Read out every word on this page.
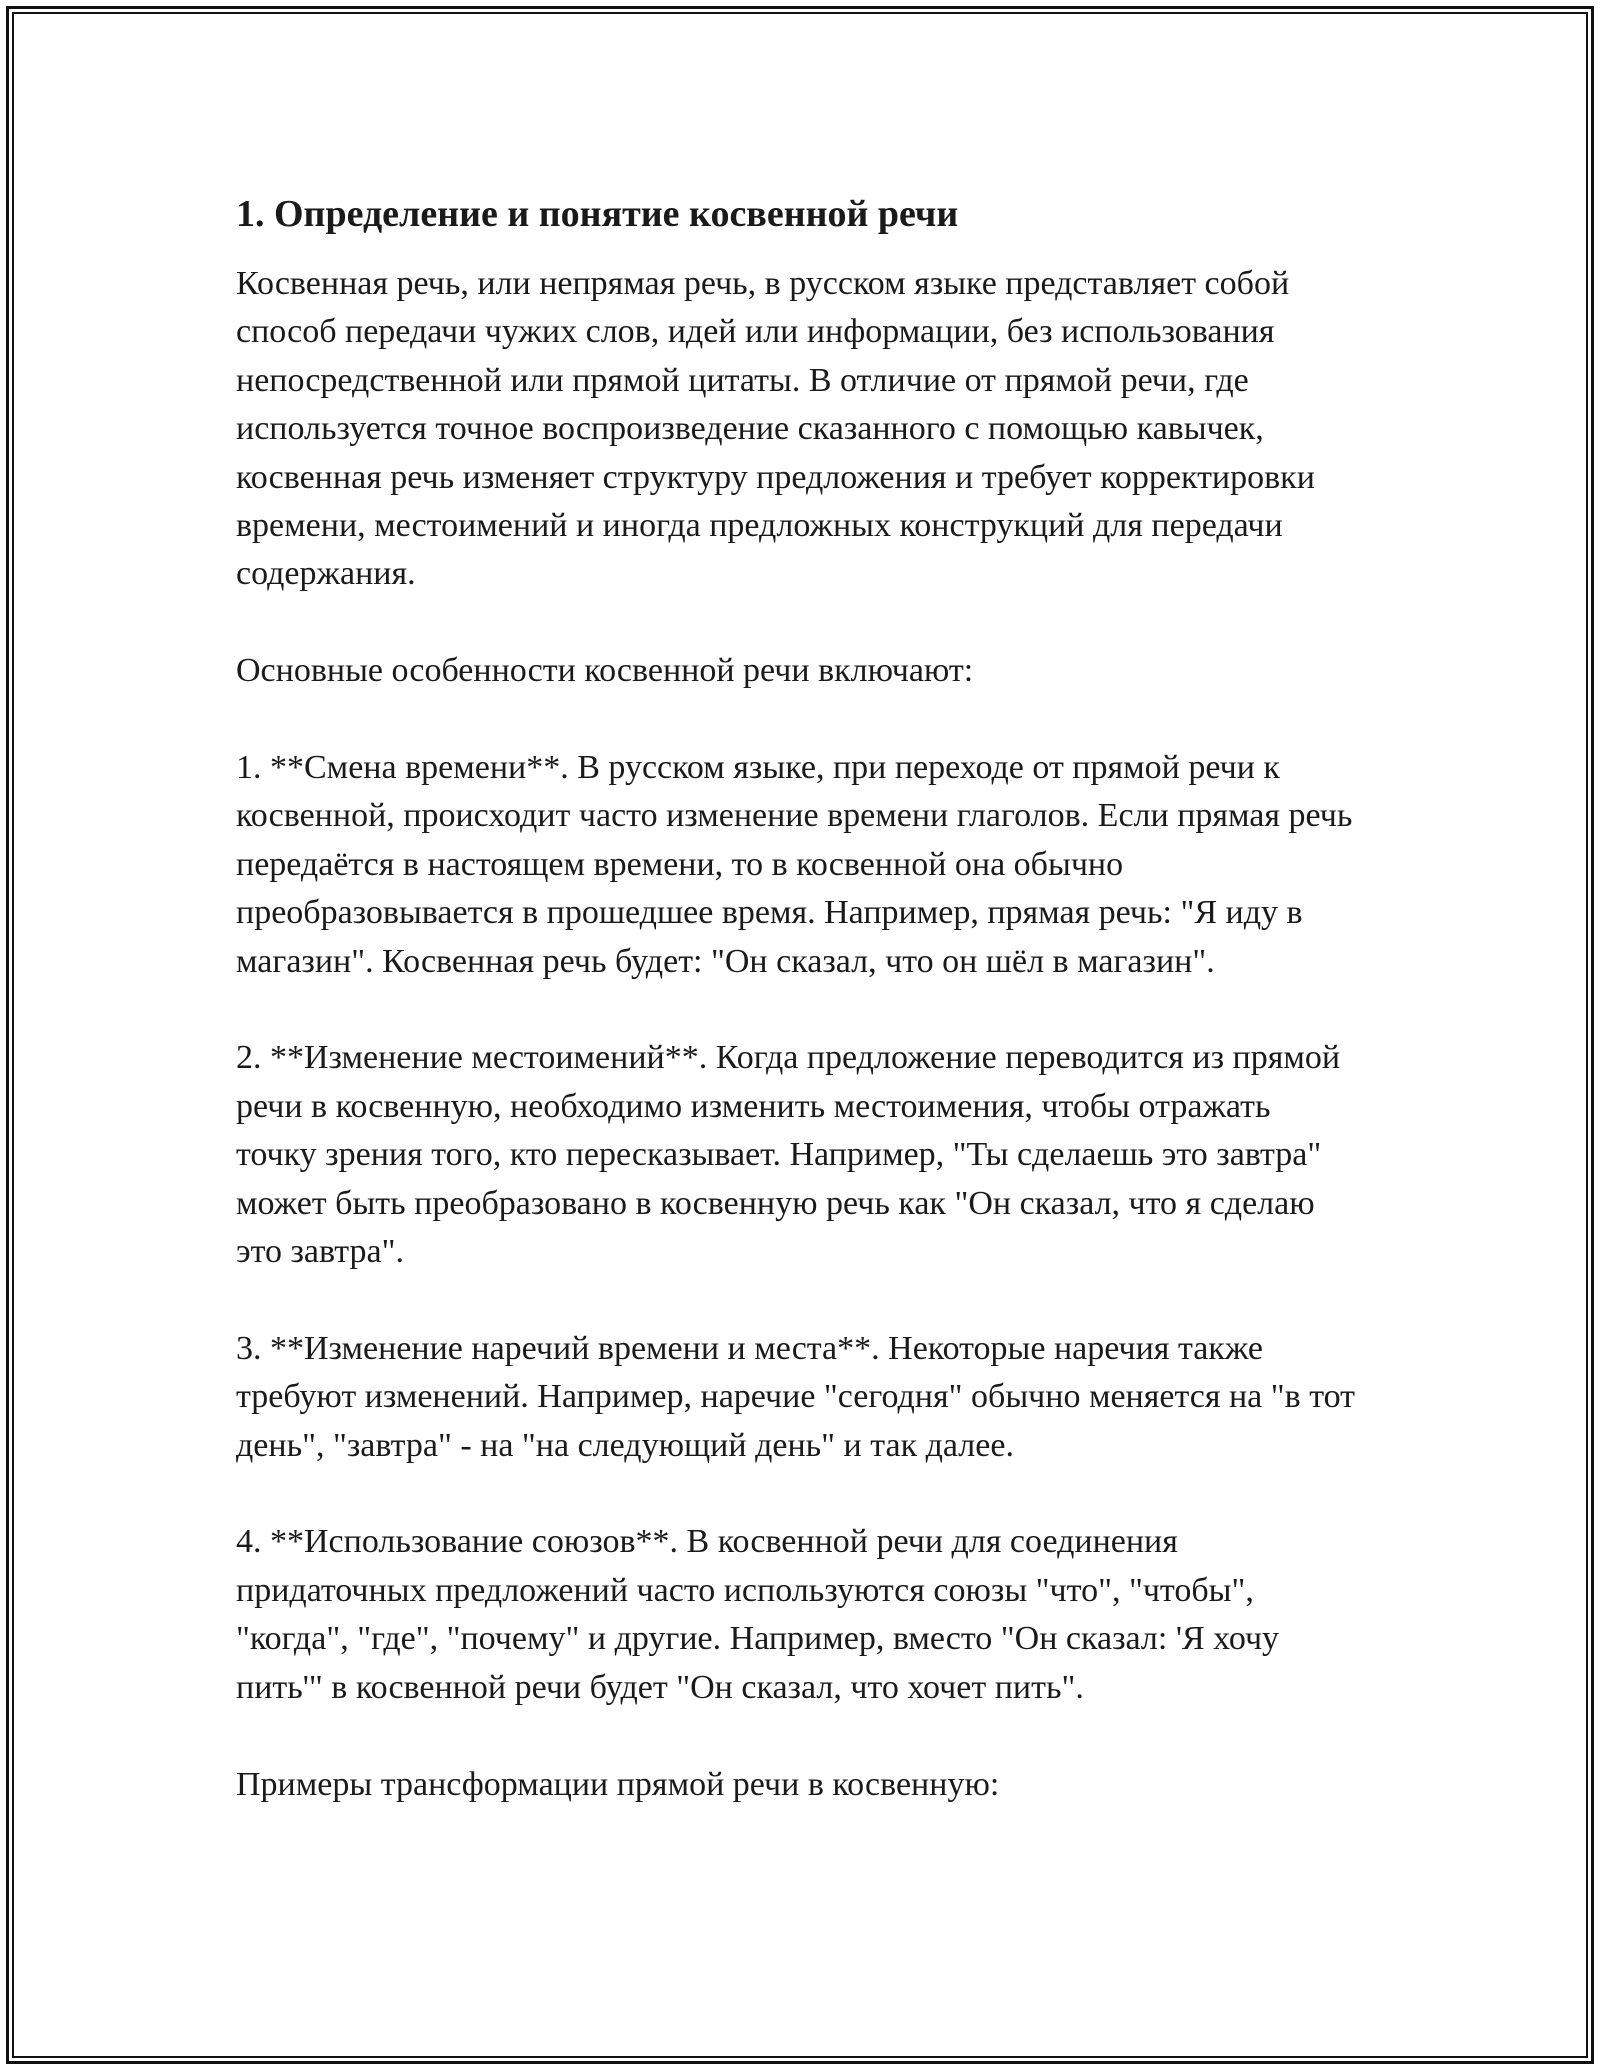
1. Определение и понятие косвенной речи

Косвенная речь, или непрямая речь, в русском языке представляет собой способ передачи чужих слов, идей или информации, без использования непосредственной или прямой цитаты. В отличие от прямой речи, где используется точное воспроизведение сказанного с помощью кавычек, косвенная речь изменяет структуру предложения и требует корректировки времени, местоимений и иногда предложных конструкций для передачи содержания.

Основные особенности косвенной речи включают:

1. **Смена времени**. В русском языке, при переходе от прямой речи к косвенной, происходит часто изменение времени глаголов. Если прямая речь передаётся в настоящем времени, то в косвенной она обычно преобразовывается в прошедшее время. Например, прямая речь: "Я иду в магазин". Косвенная речь будет: "Он сказал, что он шёл в магазин".

2. **Изменение местоимений**. Когда предложение переводится из прямой речи в косвенную, необходимо изменить местоимения, чтобы отражать точку зрения того, кто пересказывает. Например, "Ты сделаешь это завтра" может быть преобразовано в косвенную речь как "Он сказал, что я сделаю это завтра".

3. **Изменение наречий времени и места**. Некоторые наречия также требуют изменений. Например, наречие "сегодня" обычно меняется на "в тот день", "завтра" - на "на следующий день" и так далее.

4. **Использование союзов**. В косвенной речи для соединения придаточных предложений часто используются союзы "что", "чтобы", "когда", "где", "почему" и другие. Например, вместо "Он сказал: 'Я хочу пить'" в косвенной речи будет "Он сказал, что хочет пить".

Примеры трансформации прямой речи в косвенную:
